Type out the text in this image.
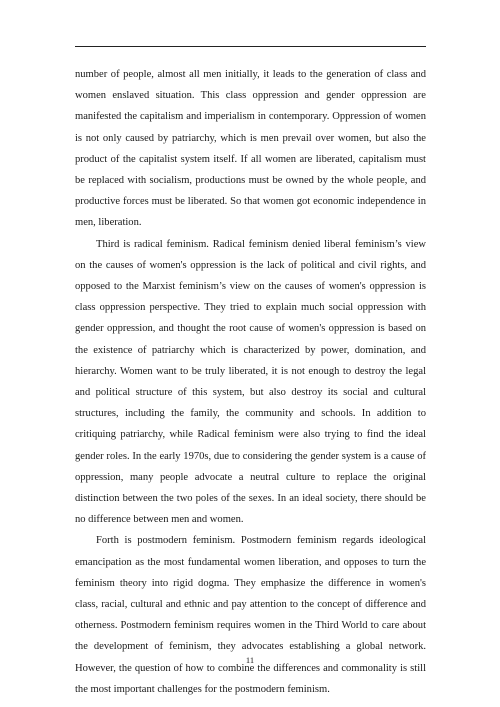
number of people, almost all men initially, it leads to the generation of class and women enslaved situation. This class oppression and gender oppression are manifested the capitalism and imperialism in contemporary. Oppression of women is not only caused by patriarchy, which is men prevail over women, but also the product of the capitalist system itself. If all women are liberated, capitalism must be replaced with socialism, productions must be owned by the whole people, and productive forces must be liberated. So that women got economic independence in men, liberation.

Third is radical feminism. Radical feminism denied liberal feminism’s view on the causes of women's oppression is the lack of political and civil rights, and opposed to the Marxist feminism’s view on the causes of women's oppression is class oppression perspective. They tried to explain much social oppression with gender oppression, and thought the root cause of women's oppression is based on the existence of patriarchy which is characterized by power, domination, and hierarchy. Women want to be truly liberated, it is not enough to destroy the legal and political structure of this system, but also destroy its social and cultural structures, including the family, the community and schools. In addition to critiquing patriarchy, while Radical feminism were also trying to find the ideal gender roles. In the early 1970s, due to considering the gender system is a cause of oppression, many people advocate a neutral culture to replace the original distinction between the two poles of the sexes. In an ideal society, there should be no difference between men and women.

Forth is postmodern feminism. Postmodern feminism regards ideological emancipation as the most fundamental women liberation, and opposes to turn the feminism theory into rigid dogma. They emphasize the difference in women's class, racial, cultural and ethnic and pay attention to the concept of difference and otherness. Postmodern feminism requires women in the Third World to care about the development of feminism, they advocates establishing a global network. However, the question of how to combine the differences and commonality is still the most important challenges for the postmodern feminism.

11
